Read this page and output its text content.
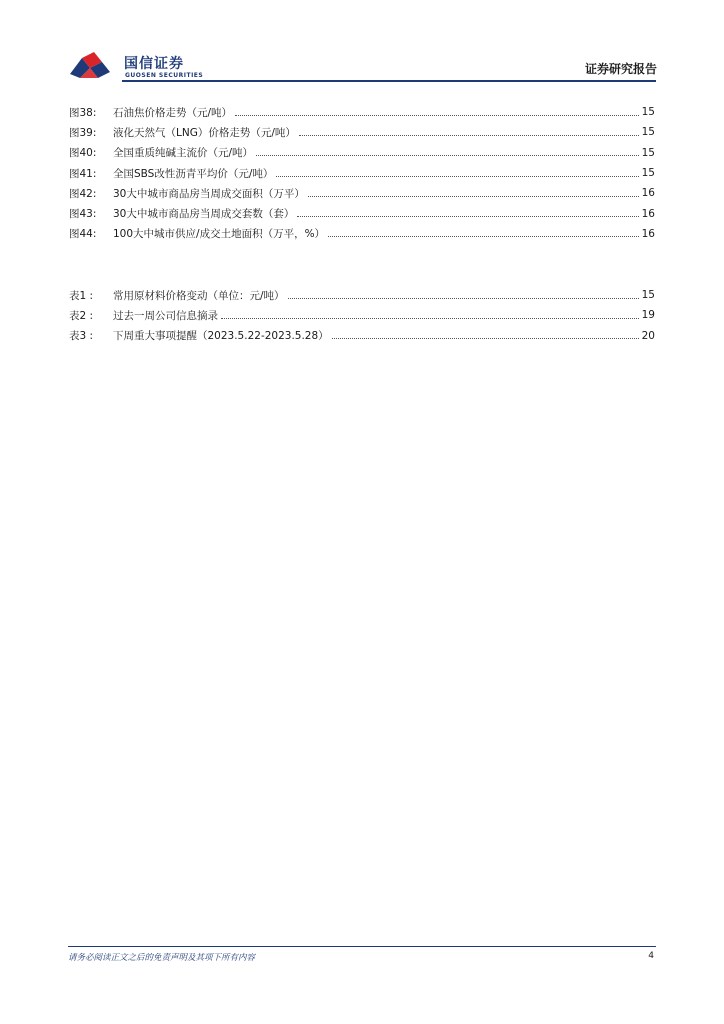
国信证券
GUOSEN SECURITIES	证券研究报告
图38:	石油焦价格走势（元/吨）	15
图39:	液化天然气（LNG）价格走势（元/吨）	15
图40:	全国重质纯碱主流价（元/吨）	15
图41:	全国SBS改性沥青平均价（元/吨）	15
图42:	30大中城市商品房当周成交面积（万平）	16
图43:	30大中城市商品房当周成交套数（套）	16
图44:	100大中城市供应/成交土地面积（万平，%）	16
表1 :	常用原材料价格变动（单位：元/吨）	15
表2 :	过去一周公司信息摘录	19
表3 :	下周重大事项提醒（2023.5.22-2023.5.28）	20
请务必阅读正文之后的免责声明及其项下所有内容	4
